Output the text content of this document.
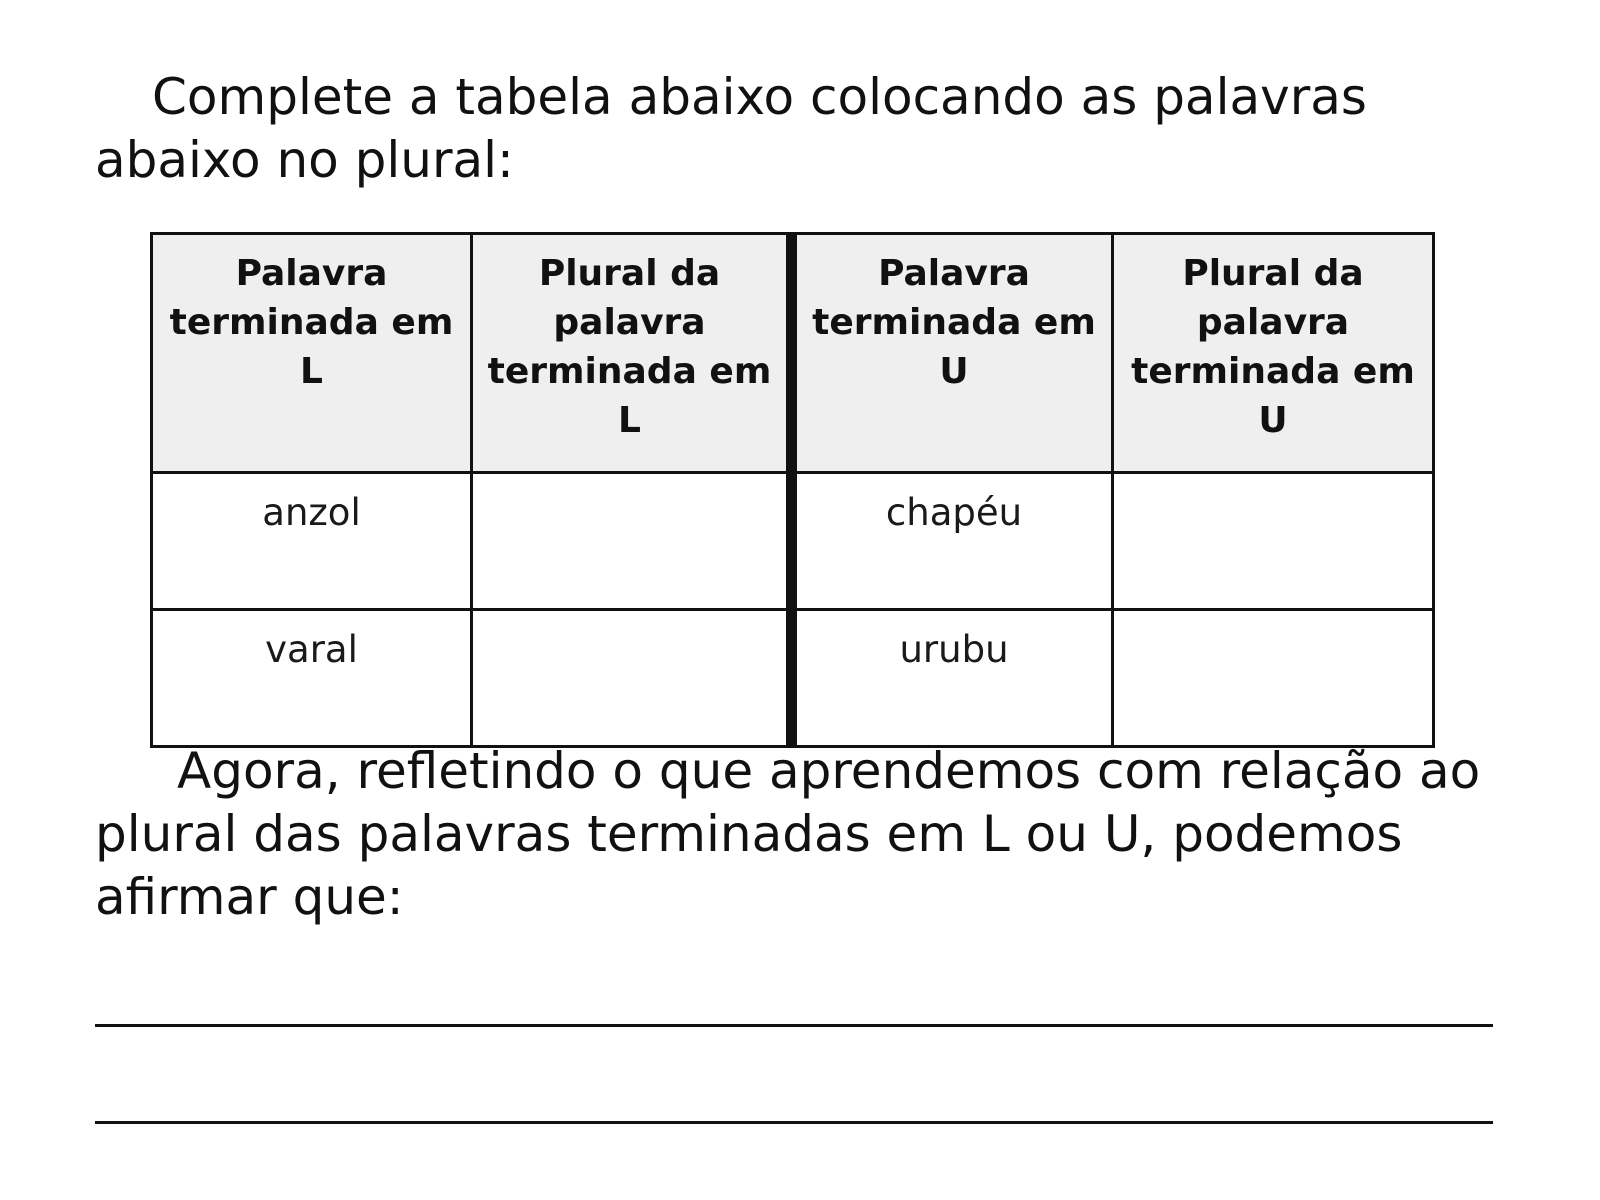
Complete a tabela abaixo colocando as palavras
abaixo no plural:

Palavra terminada em L	Plural da palavra terminada em L	Palavra terminada em U	Plural da palavra terminada em U
anzol		chapéu	
varal		urubu	

Agora, refletindo o que aprendemos com relação ao
plural das palavras terminadas em L ou U, podemos
afirmar que:
